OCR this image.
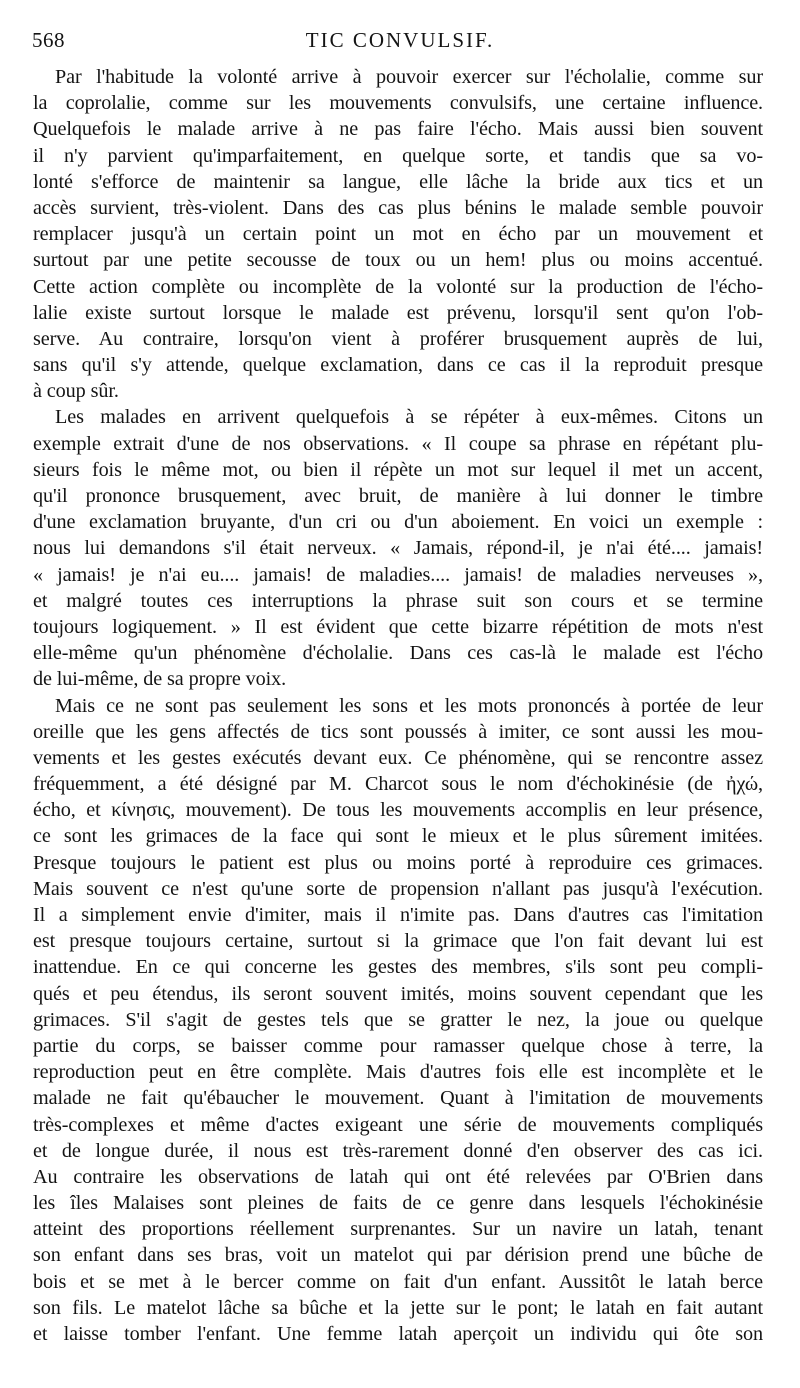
568	TIC CONVULSIF.
Par l'habitude la volonté arrive à pouvoir exercer sur l'écholalie, comme sur
la coprolalie, comme sur les mouvements convulsifs, une certaine influence.
Quelquefois le malade arrive à ne pas faire l'écho. Mais aussi bien souvent
il n'y parvient qu'imparfaitement, en quelque sorte, et tandis que sa vo-
lonté s'efforce de maintenir sa langue, elle lâche la bride aux tics et un
accès survient, très-violent. Dans des cas plus bénins le malade semble pouvoir
remplacer jusqu'à un certain point un mot en écho par un mouvement et
surtout par une petite secousse de toux ou un hem! plus ou moins accentué.
Cette action complète ou incomplète de la volonté sur la production de l'écho-
lalie existe surtout lorsque le malade est prévenu, lorsqu'il sent qu'on l'ob-
serve. Au contraire, lorsqu'on vient à proférer brusquement auprès de lui,
sans qu'il s'y attende, quelque exclamation, dans ce cas il la reproduit presque
à coup sûr.
Les malades en arrivent quelquefois à se répéter à eux-mêmes. Citons un
exemple extrait d'une de nos observations. « Il coupe sa phrase en répétant plu-
sieurs fois le même mot, ou bien il répète un mot sur lequel il met un accent,
qu'il prononce brusquement, avec bruit, de manière à lui donner le timbre
d'une exclamation bruyante, d'un cri ou d'un aboiement. En voici un exemple :
nous lui demandons s'il était nerveux. « Jamais, répond-il, je n'ai été.... jamais!
« jamais! je n'ai eu.... jamais! de maladies.... jamais! de maladies nerveuses »,
et malgré toutes ces interruptions la phrase suit son cours et se termine
toujours logiquement. » Il est évident que cette bizarre répétition de mots n'est
elle-même qu'un phénomène d'écholalie. Dans ces cas-là le malade est l'écho
de lui-même, de sa propre voix.
Mais ce ne sont pas seulement les sons et les mots prononcés à portée de leur
oreille que les gens affectés de tics sont poussés à imiter, ce sont aussi les mou-
vements et les gestes exécutés devant eux. Ce phénomène, qui se rencontre assez
fréquemment, a été désigné par M. Charcot sous le nom d'échokinésie (de ἠχώ,
écho, et κίνησις, mouvement). De tous les mouvements accomplis en leur présence,
ce sont les grimaces de la face qui sont le mieux et le plus sûrement imitées.
Presque toujours le patient est plus ou moins porté à reproduire ces grimaces.
Mais souvent ce n'est qu'une sorte de propension n'allant pas jusqu'à l'exécution.
Il a simplement envie d'imiter, mais il n'imite pas. Dans d'autres cas l'imitation
est presque toujours certaine, surtout si la grimace que l'on fait devant lui est
inattendue. En ce qui concerne les gestes des membres, s'ils sont peu compli-
qués et peu étendus, ils seront souvent imités, moins souvent cependant que les
grimaces. S'il s'agit de gestes tels que se gratter le nez, la joue ou quelque
partie du corps, se baisser comme pour ramasser quelque chose à terre, la
reproduction peut en être complète. Mais d'autres fois elle est incomplète et le
malade ne fait qu'ébaucher le mouvement. Quant à l'imitation de mouvements
très-complexes et même d'actes exigeant une série de mouvements compliqués
et de longue durée, il nous est très-rarement donné d'en observer des cas ici.
Au contraire les observations de latah qui ont été relevées par O'Brien dans
les îles Malaises sont pleines de faits de ce genre dans lesquels l'échokinésie
atteint des proportions réellement surprenantes. Sur un navire un latah, tenant
son enfant dans ses bras, voit un matelot qui par dérision prend une bûche de
bois et se met à le bercer comme on fait d'un enfant. Aussitôt le latah berce
son fils. Le matelot lâche sa bûche et la jette sur le pont; le latah en fait autant
et laisse tomber l'enfant. Une femme latah aperçoit un individu qui ôte son
